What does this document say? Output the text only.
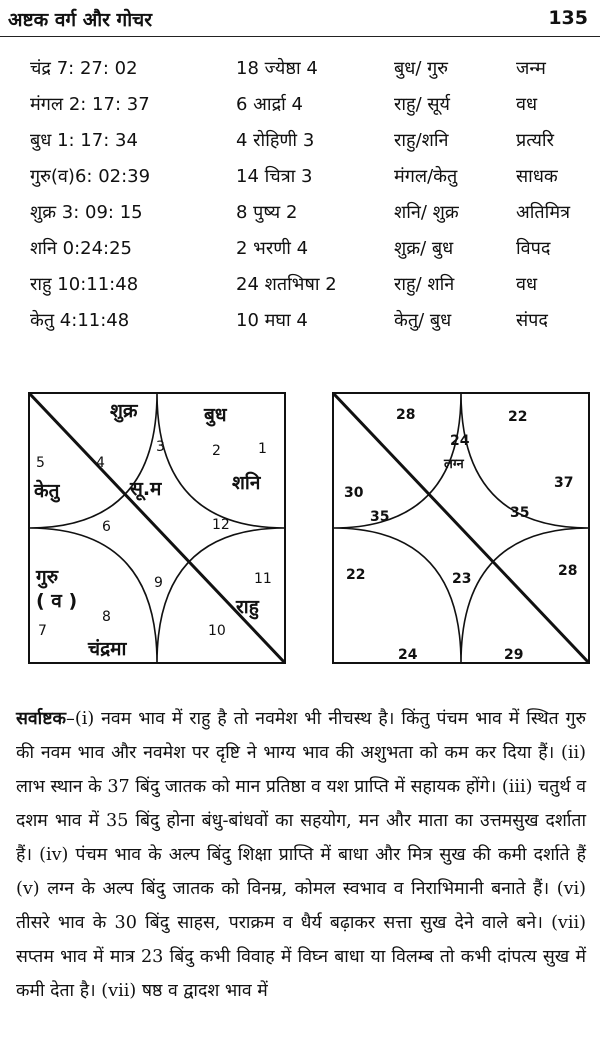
अष्टक वर्ग और गोचर	135
चंद्र 7: 27: 02	18 ज्येष्ठा 4	बुध/ गुरु	जन्म
मंगल 2: 17: 37	6 आर्द्रा 4	राहु/ सूर्य	वध
बुध 1: 17: 34	4 रोहिणी 3	राहु/शनि	प्रत्यरि
गुरु(व)6: 02:39	14 चित्रा 3	मंगल/केतु	साधक
शुक्र 3: 09: 15	8 पुष्य 2	शनि/ शुक्र	अतिमित्र
शनि 0:24:25	2 भरणी 4	शुक्र/ बुध	विपद
राहु 10:11:48	24 शतभिषा 2	राहु/ शनि	वध
केतु 4:11:48	10 मघा 4	केतु/ बुध	संपद
शुक्र	बुध
शनि
केतु	सू.म
गुरु
( व )	राहु
चंद्रमा
1
2
3
4
5
6
7
8
9
10
11
12
24
लग्न
28	22
30
35	35
37
22	23	28
24	29
सर्वाष्टक–(i) नवम भाव में राहु है तो नवमेश भी नीचस्थ है। किंतु पंचम भाव में स्थित गुरु की नवम भाव और नवमेश पर दृष्टि ने भाग्य भाव की अशुभता को कम कर दिया हैं। (ii) लाभ स्थान के 37 बिंदु जातक को मान प्रतिष्ठा व यश प्राप्ति में सहायक होंगे। (iii) चतुर्थ व दशम भाव में 35 बिंदु होना बंधु-बांधवों का सहयोग, मन और माता का उत्तमसुख दर्शाता हैं। (iv) पंचम भाव के अल्प बिंदु शिक्षा प्राप्ति में बाधा और मित्र सुख की कमी दर्शाते हैं (v) लग्न के अल्प बिंदु जातक को विनम्र, कोमल स्वभाव व निराभिमानी बनाते हैं। (vi) तीसरे भाव के 30 बिंदु साहस, पराक्रम व धैर्य बढ़ाकर सत्ता सुख देने वाले बने। (vii) सप्तम भाव में मात्र 23 बिंदु कभी विवाह में विघ्न बाधा या विलम्ब तो कभी दांपत्य सुख में कमी देता है। (vii) षष्ठ व द्वादश भाव में
